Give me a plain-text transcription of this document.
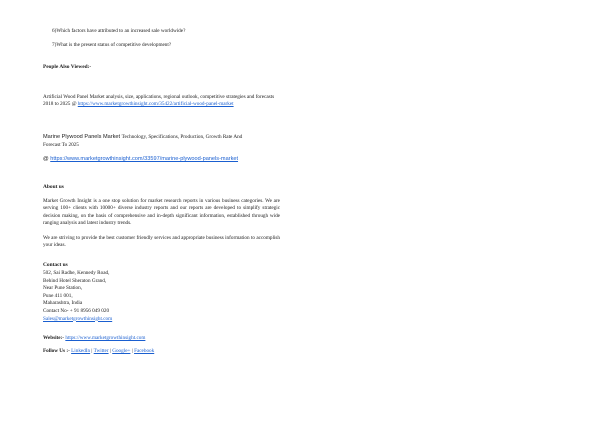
6)Which factors have attributed to an increased sale worldwide?
7)What is the present status of competitive development?
People Also Viewed:-
Artificial Wood Panel Market analysis, size, applications, regional outlook, competitive strategies and forecasts 2018 to 2025 @ https://www.marketgrowthinsight.com/35422/artificial-wood-panel-market
Marine Plywood Panels Market Technology, Specifications, Production, Growth Rate And
Forecast To 2025
@ https://www.marketgrowthinsight.com/33597/marine-plywood-panels-market
About us
Market Growth Insight is a one stop solution for market research reports in various business categories. We are serving 100+ clients with 10000+ diverse industry reports and our reports are developed to simplify strategic decision making, on the basis of comprehensive and in-depth significant information, established through wide ranging analysis and latest industry trends.
We are striving to provide the best customer friendly services and appropriate business information to accomplish your ideas.
Contact us
502, Sai Radhe, Kennedy Road,
Behind Hotel Sheraton Grand,
Near Pune Station,
Pune 411 001,
Maharashtra, India
Contact No- + 91 8956 049 020
Sales@marketgrowthinsight.com
Website:- https://www.marketgrowthinsight.com
Follow Us :- LinkedIn | Twitter | Google+ | Facebook
